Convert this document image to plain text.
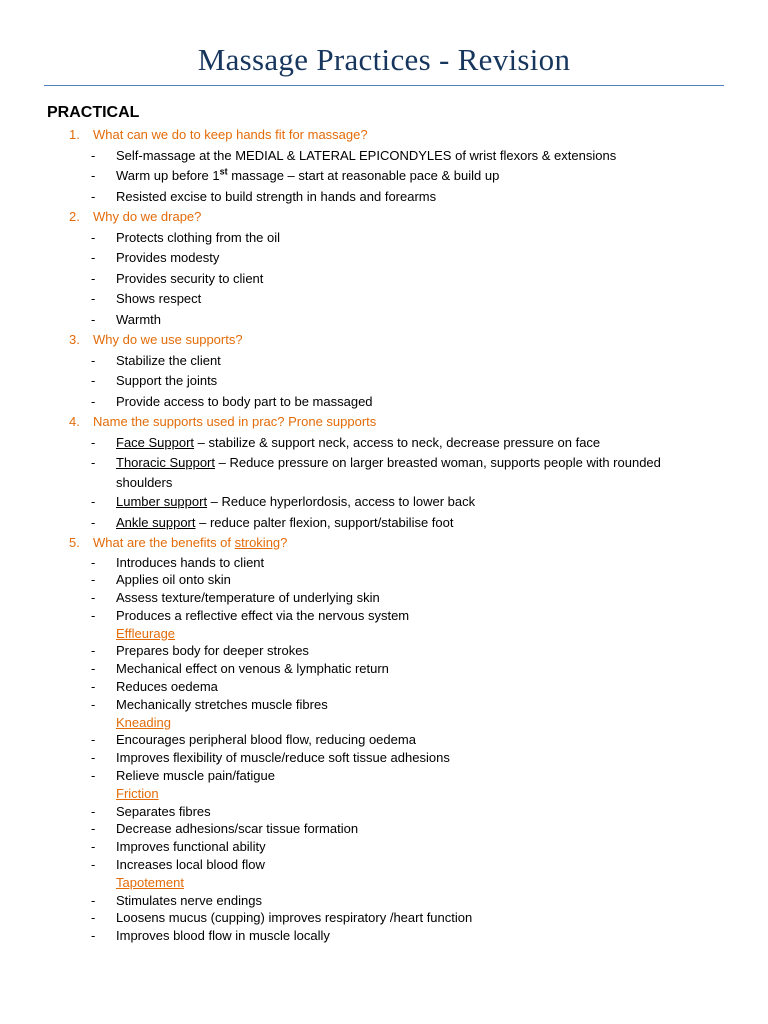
Massage Practices - Revision
PRACTICAL
1. What can we do to keep hands fit for massage?
- Self-massage at the MEDIAL & LATERAL EPICONDYLES of wrist flexors & extensions
- Warm up before 1st massage – start at reasonable pace & build up
- Resisted excise to build strength in hands and forearms
2. Why do we drape?
- Protects clothing from the oil
- Provides modesty
- Provides security to client
- Shows respect
- Warmth
3. Why do we use supports?
- Stabilize the client
- Support the joints
- Provide access to body part to be massaged
4. Name the supports used in prac? Prone supports
- Face Support – stabilize & support neck, access to neck, decrease pressure on face
- Thoracic Support – Reduce pressure on larger breasted woman, supports people with rounded shoulders
- Lumber support – Reduce hyperlordosis, access to lower back
- Ankle support – reduce palter flexion, support/stabilise foot
5. What are the benefits of stroking?
- Introduces hands to client
- Applies oil onto skin
- Assess texture/temperature of underlying skin
- Produces a reflective effect via the nervous system
Effleurage
- Prepares body for deeper strokes
- Mechanical effect on venous & lymphatic return
- Reduces oedema
- Mechanically stretches muscle fibres
Kneading
- Encourages peripheral blood flow, reducing oedema
- Improves flexibility of muscle/reduce soft tissue adhesions
- Relieve muscle pain/fatigue
Friction
- Separates fibres
- Decrease adhesions/scar tissue formation
- Improves functional ability
- Increases local blood flow
Tapotement
- Stimulates nerve endings
- Loosens mucus (cupping) improves respiratory /heart function
- Improves blood flow in muscle locally
